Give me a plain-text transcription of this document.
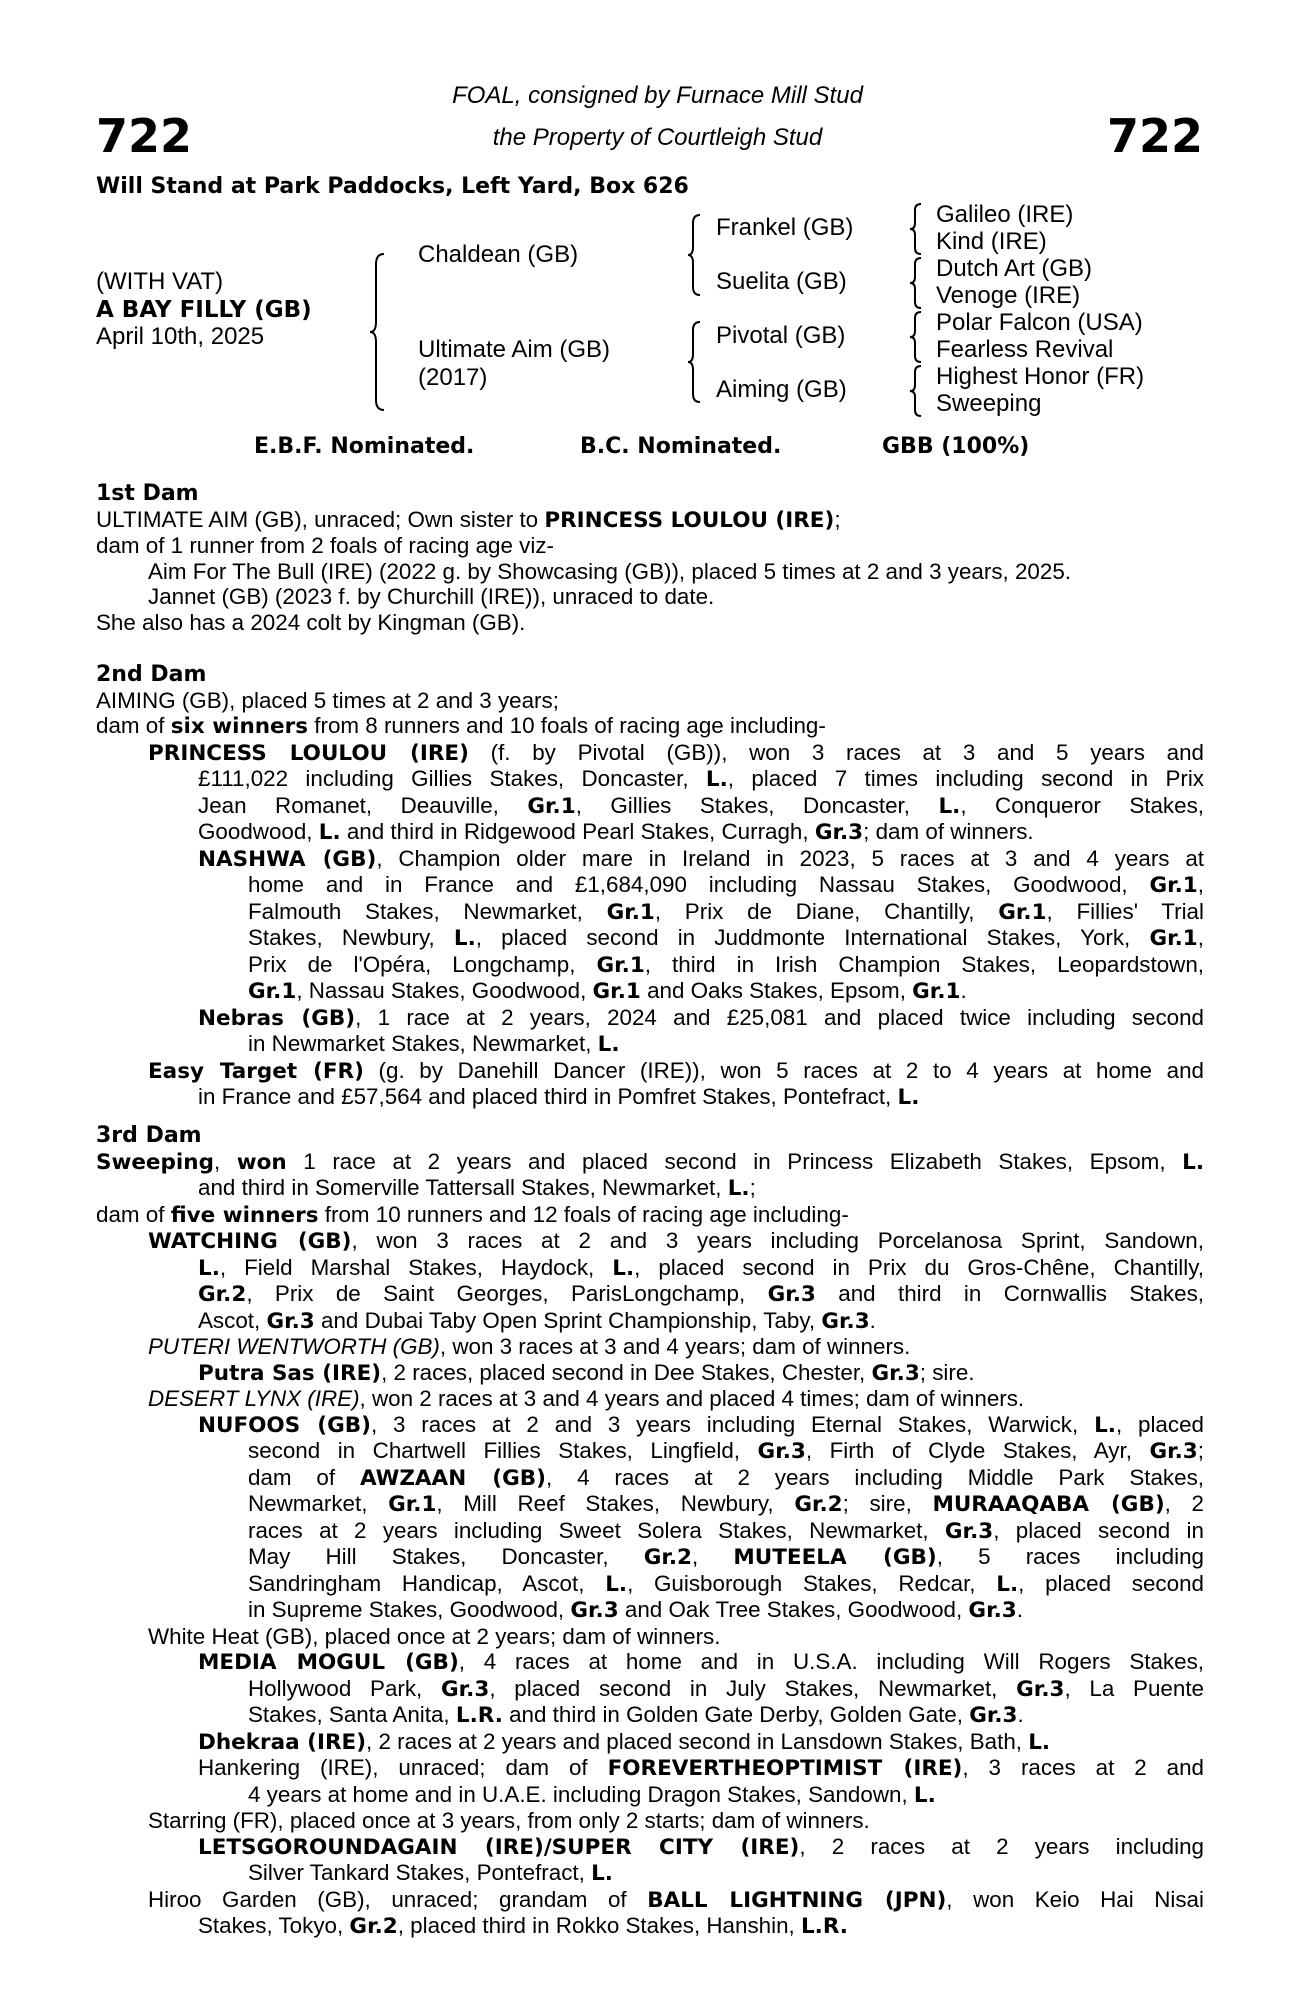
722	722
FOAL, consigned by Furnace Mill Stud
the Property of Courtleigh Stud
Will Stand at Park Paddocks, Left Yard, Box 626
(WITH VAT)
A BAY FILLY (GB)
April 10th, 2025
Chaldean (GB)
Ultimate Aim (GB)
(2017)
Frankel (GB)
Suelita (GB)
Pivotal (GB)
Aiming (GB)
Galileo (IRE)
Kind (IRE)
Dutch Art (GB)
Venoge (IRE)
Polar Falcon (USA)
Fearless Revival
Highest Honor (FR)
Sweeping
E.B.F. Nominated.	B.C. Nominated.	GBB (100%)
1st Dam
ULTIMATE AIM (GB), unraced; Own sister to PRINCESS LOULOU (IRE);
dam of 1 runner from 2 foals of racing age viz-
Aim For The Bull (IRE) (2022 g. by Showcasing (GB)), placed 5 times at 2 and 3 years, 2025.
Jannet (GB) (2023 f. by Churchill (IRE)), unraced to date.
She also has a 2024 colt by Kingman (GB).
2nd Dam
AIMING (GB), placed 5 times at 2 and 3 years;
dam of six winners from 8 runners and 10 foals of racing age including-
PRINCESS LOULOU (IRE) (f. by Pivotal (GB)), won 3 races at 3 and 5 years and
£111,022 including Gillies Stakes, Doncaster, L., placed 7 times including second in Prix
Jean Romanet, Deauville, Gr.1, Gillies Stakes, Doncaster, L., Conqueror Stakes,
Goodwood, L. and third in Ridgewood Pearl Stakes, Curragh, Gr.3; dam of winners.
NASHWA (GB), Champion older mare in Ireland in 2023, 5 races at 3 and 4 years at
home and in France and £1,684,090 including Nassau Stakes, Goodwood, Gr.1,
Falmouth Stakes, Newmarket, Gr.1, Prix de Diane, Chantilly, Gr.1, Fillies' Trial
Stakes, Newbury, L., placed second in Juddmonte International Stakes, York, Gr.1,
Prix de l'Opéra, Longchamp, Gr.1, third in Irish Champion Stakes, Leopardstown,
Gr.1, Nassau Stakes, Goodwood, Gr.1 and Oaks Stakes, Epsom, Gr.1.
Nebras (GB), 1 race at 2 years, 2024 and £25,081 and placed twice including second
in Newmarket Stakes, Newmarket, L.
Easy Target (FR) (g. by Danehill Dancer (IRE)), won 5 races at 2 to 4 years at home and
in France and £57,564 and placed third in Pomfret Stakes, Pontefract, L.
3rd Dam
Sweeping, won 1 race at 2 years and placed second in Princess Elizabeth Stakes, Epsom, L.
and third in Somerville Tattersall Stakes, Newmarket, L.;
dam of five winners from 10 runners and 12 foals of racing age including-
WATCHING (GB), won 3 races at 2 and 3 years including Porcelanosa Sprint, Sandown,
L., Field Marshal Stakes, Haydock, L., placed second in Prix du Gros-Chêne, Chantilly,
Gr.2, Prix de Saint Georges, ParisLongchamp, Gr.3 and third in Cornwallis Stakes,
Ascot, Gr.3 and Dubai Taby Open Sprint Championship, Taby, Gr.3.
PUTERI WENTWORTH (GB), won 3 races at 3 and 4 years; dam of winners.
Putra Sas (IRE), 2 races, placed second in Dee Stakes, Chester, Gr.3; sire.
DESERT LYNX (IRE), won 2 races at 3 and 4 years and placed 4 times; dam of winners.
NUFOOS (GB), 3 races at 2 and 3 years including Eternal Stakes, Warwick, L., placed
second in Chartwell Fillies Stakes, Lingfield, Gr.3, Firth of Clyde Stakes, Ayr, Gr.3;
dam of AWZAAN (GB), 4 races at 2 years including Middle Park Stakes,
Newmarket, Gr.1, Mill Reef Stakes, Newbury, Gr.2; sire, MURAAQABA (GB), 2
races at 2 years including Sweet Solera Stakes, Newmarket, Gr.3, placed second in
May Hill Stakes, Doncaster, Gr.2, MUTEELA (GB), 5 races including
Sandringham Handicap, Ascot, L., Guisborough Stakes, Redcar, L., placed second
in Supreme Stakes, Goodwood, Gr.3 and Oak Tree Stakes, Goodwood, Gr.3.
White Heat (GB), placed once at 2 years; dam of winners.
MEDIA MOGUL (GB), 4 races at home and in U.S.A. including Will Rogers Stakes,
Hollywood Park, Gr.3, placed second in July Stakes, Newmarket, Gr.3, La Puente
Stakes, Santa Anita, L.R. and third in Golden Gate Derby, Golden Gate, Gr.3.
Dhekraa (IRE), 2 races at 2 years and placed second in Lansdown Stakes, Bath, L.
Hankering (IRE), unraced; dam of FOREVERTHEOPTIMIST (IRE), 3 races at 2 and
4 years at home and in U.A.E. including Dragon Stakes, Sandown, L.
Starring (FR), placed once at 3 years, from only 2 starts; dam of winners.
LETSGOROUNDAGAIN (IRE)/SUPER CITY (IRE), 2 races at 2 years including
Silver Tankard Stakes, Pontefract, L.
Hiroo Garden (GB), unraced; grandam of BALL LIGHTNING (JPN), won Keio Hai Nisai
Stakes, Tokyo, Gr.2, placed third in Rokko Stakes, Hanshin, L.R.
